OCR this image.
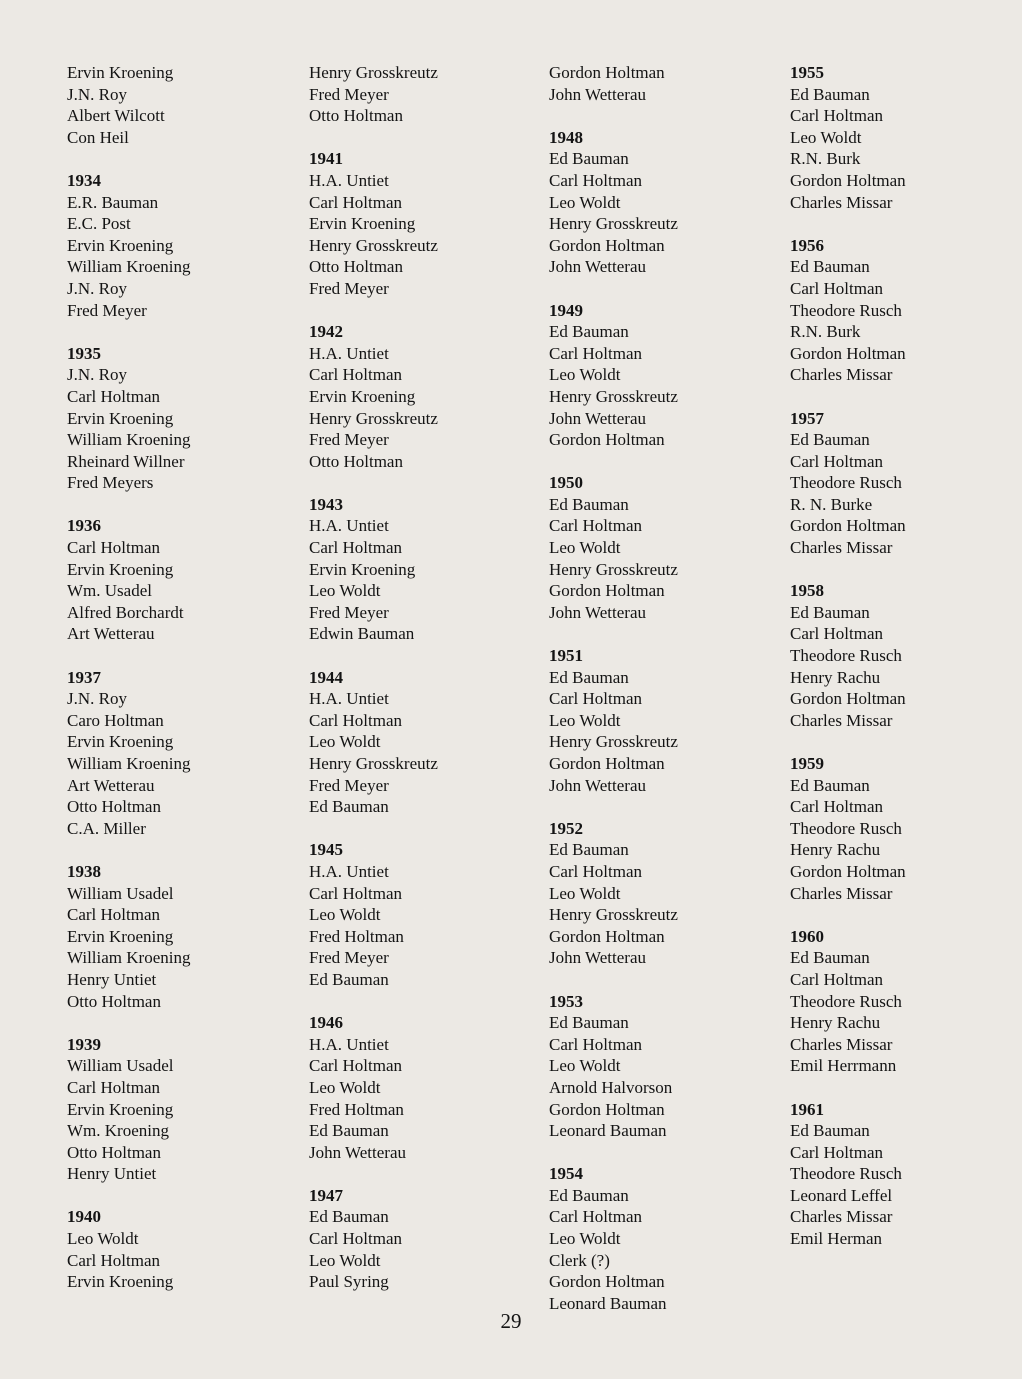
Ervin Kroening
J.N. Roy
Albert Wilcott
Con Heil
1934
E.R. Bauman
E.C. Post
Ervin Kroening
William Kroening
J.N. Roy
Fred Meyer
1935
J.N. Roy
Carl Holtman
Ervin Kroening
William Kroening
Rheinard Willner
Fred Meyers
1936
Carl Holtman
Ervin Kroening
Wm. Usadel
Alfred Borchardt
Art Wetterau
1937
J.N. Roy
Caro Holtman
Ervin Kroening
William Kroening
Art Wetterau
Otto Holtman
C.A. Miller
1938
William Usadel
Carl Holtman
Ervin Kroening
William Kroening
Henry Untiet
Otto Holtman
1939
William Usadel
Carl Holtman
Ervin Kroening
Wm. Kroening
Otto Holtman
Henry Untiet
1940
Leo Woldt
Carl Holtman
Ervin Kroening
Henry Grosskreutz
Fred Meyer
Otto Holtman
1941
H.A. Untiet
Carl Holtman
Ervin Kroening
Henry Grosskreutz
Otto Holtman
Fred Meyer
1942
H.A. Untiet
Carl Holtman
Ervin Kroening
Henry Grosskreutz
Fred Meyer
Otto Holtman
1943
H.A. Untiet
Carl Holtman
Ervin Kroening
Leo Woldt
Fred Meyer
Edwin Bauman
1944
H.A. Untiet
Carl Holtman
Leo Woldt
Henry Grosskreutz
Fred Meyer
Ed Bauman
1945
H.A. Untiet
Carl Holtman
Leo Woldt
Fred Holtman
Fred Meyer
Ed Bauman
1946
H.A. Untiet
Carl Holtman
Leo Woldt
Fred Holtman
Ed Bauman
John Wetterau
1947
Ed Bauman
Carl Holtman
Leo Woldt
Paul Syring
Gordon Holtman
John Wetterau
1948
Ed Bauman
Carl Holtman
Leo Woldt
Henry Grosskreutz
Gordon Holtman
John Wetterau
1949
Ed Bauman
Carl Holtman
Leo Woldt
Henry Grosskreutz
John Wetterau
Gordon Holtman
1950
Ed Bauman
Carl Holtman
Leo Woldt
Henry Grosskreutz
Gordon Holtman
John Wetterau
1951
Ed Bauman
Carl Holtman
Leo Woldt
Henry Grosskreutz
Gordon Holtman
John Wetterau
1952
Ed Bauman
Carl Holtman
Leo Woldt
Henry Grosskreutz
Gordon Holtman
John Wetterau
1953
Ed Bauman
Carl Holtman
Leo Woldt
Arnold Halvorson
Gordon Holtman
Leonard Bauman
1954
Ed Bauman
Carl Holtman
Leo Woldt
Clerk (?)
Gordon Holtman
Leonard Bauman
1955
Ed Bauman
Carl Holtman
Leo Woldt
R.N. Burk
Gordon Holtman
Charles Missar
1956
Ed Bauman
Carl Holtman
Theodore Rusch
R.N. Burk
Gordon Holtman
Charles Missar
1957
Ed Bauman
Carl Holtman
Theodore Rusch
R. N. Burke
Gordon Holtman
Charles Missar
1958
Ed Bauman
Carl Holtman
Theodore Rusch
Henry Rachu
Gordon Holtman
Charles Missar
1959
Ed Bauman
Carl Holtman
Theodore Rusch
Henry Rachu
Gordon Holtman
Charles Missar
1960
Ed Bauman
Carl Holtman
Theodore Rusch
Henry Rachu
Charles Missar
Emil Herrmann
1961
Ed Bauman
Carl Holtman
Theodore Rusch
Leonard Leffel
Charles Missar
Emil Herman
29
